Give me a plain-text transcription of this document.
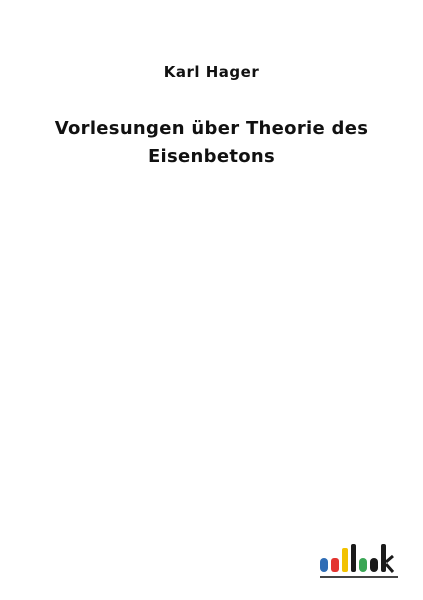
Karl Hager
Vorlesungen über Theorie des
Eisenbetons
